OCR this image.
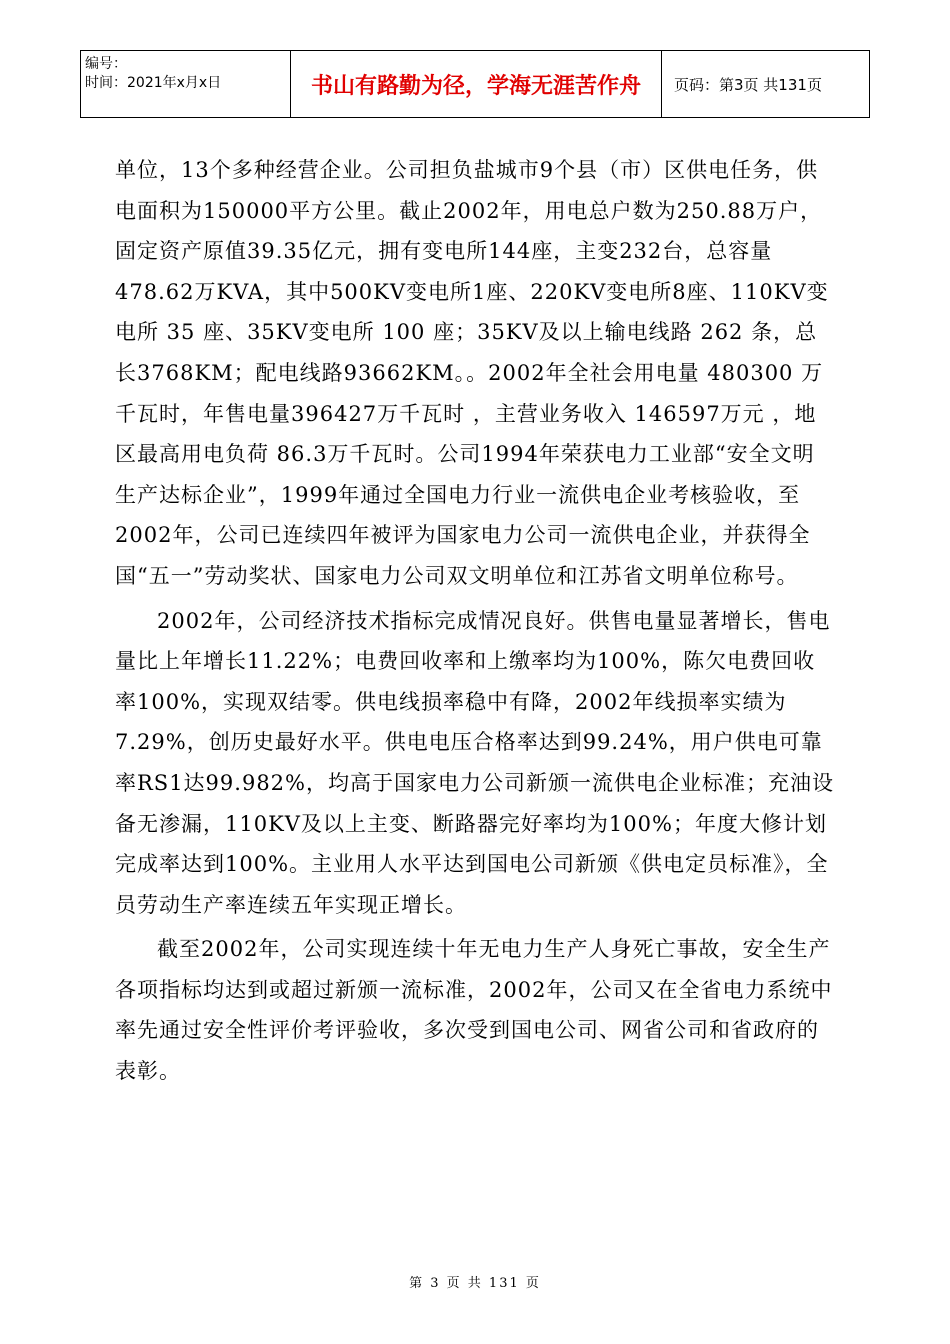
编号：
时间：2021年x月x日	书山有路勤为径，学海无涯苦作舟	页码：第3页 共131页

单位，13个多种经营企业。公司担负盐城市9个县（市）区供电任务，供电面积为150000平方公里。截止2002年，用电总户数为250.88万户，固定资产原值39.35亿元，拥有变电所144座，主变232台，总容量478.62万KVA，其中500KV变电所1座、220KV变电所8座、110KV变电所 35 座、35KV变电所 100 座；35KV及以上输电线路 262 条，总长3768KM；配电线路93662KM。。2002年全社会用电量 480300 万千瓦时，年售电量396427万千瓦时 ，主营业务收入 146597万元 ，地区最高用电负荷 86.3万千瓦时。公司1994年荣获电力工业部“安全文明生产达标企业”，1999年通过全国电力行业一流供电企业考核验收，至2002年，公司已连续四年被评为国家电力公司一流供电企业，并获得全国“五一”劳动奖状、国家电力公司双文明单位和江苏省文明单位称号。

2002年，公司经济技术指标完成情况良好。供售电量显著增长，售电量比上年增长11.22%；电费回收率和上缴率均为100%，陈欠电费回收率100%，实现双结零。供电线损率稳中有降，2002年线损率实绩为7.29%，创历史最好水平。供电电压合格率达到99.24%，用户供电可靠率RS1达99.982%，均高于国家电力公司新颁一流供电企业标准；充油设备无渗漏，110KV及以上主变、断路器完好率均为100%；年度大修计划完成率达到100%。主业用人水平达到国电公司新颁《供电定员标准》，全员劳动生产率连续五年实现正增长。

截至2002年，公司实现连续十年无电力生产人身死亡事故，安全生产各项指标均达到或超过新颁一流标准，2002年，公司又在全省电力系统中率先通过安全性评价考评验收，多次受到国电公司、网省公司和省政府的表彰。

第 3 页 共 131 页
